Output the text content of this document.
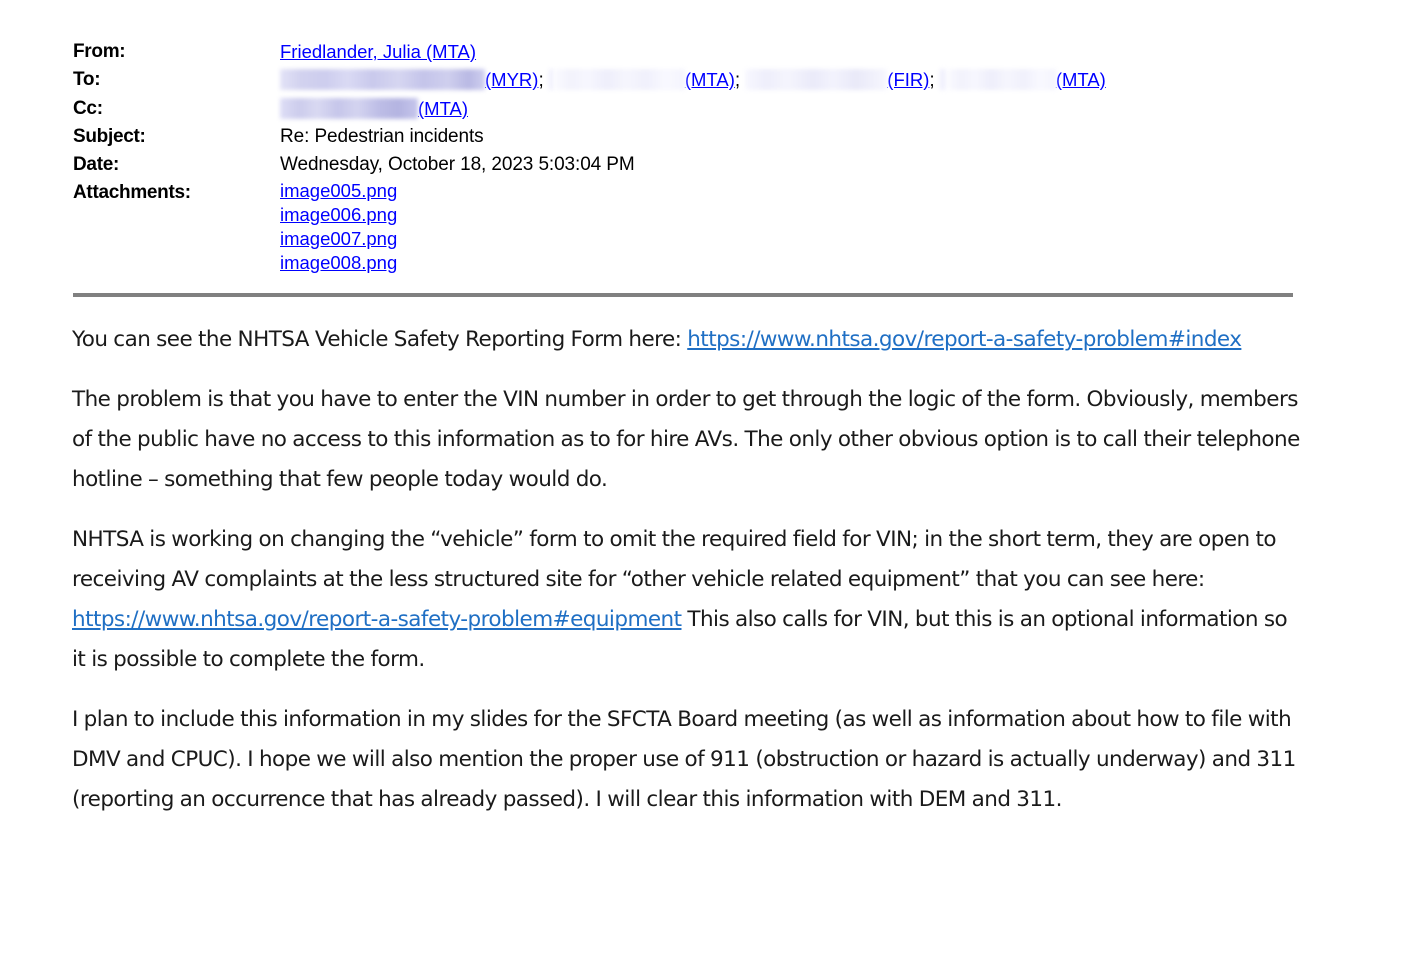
From:	Friedlander, Julia (MTA)
To:	(MYR);	(MTA);	(FIR);	(MTA)
Cc:	(MTA)
Subject:	Re: Pedestrian incidents
Date:	Wednesday, October 18, 2023 5:03:04 PM
Attachments:	image005.png
image006.png
image007.png
image008.png

You can see the NHTSA Vehicle Safety Reporting Form here: https://www.nhtsa.gov/report-a-safety-problem#index

The problem is that you have to enter the VIN number in order to get through the logic of the form. Obviously, members of the public have no access to this information as to for hire AVs. The only other obvious option is to call their telephone hotline – something that few people today would do.

NHTSA is working on changing the “vehicle” form to omit the required field for VIN; in the short term, they are open to receiving AV complaints at the less structured site for “other vehicle related equipment” that you can see here: https://www.nhtsa.gov/report-a-safety-problem#equipment This also calls for VIN, but this is an optional information so it is possible to complete the form.

I plan to include this information in my slides for the SFCTA Board meeting (as well as information about how to file with DMV and CPUC). I hope we will also mention the proper use of 911 (obstruction or hazard is actually underway) and 311 (reporting an occurrence that has already passed). I will clear this information with DEM and 311.
